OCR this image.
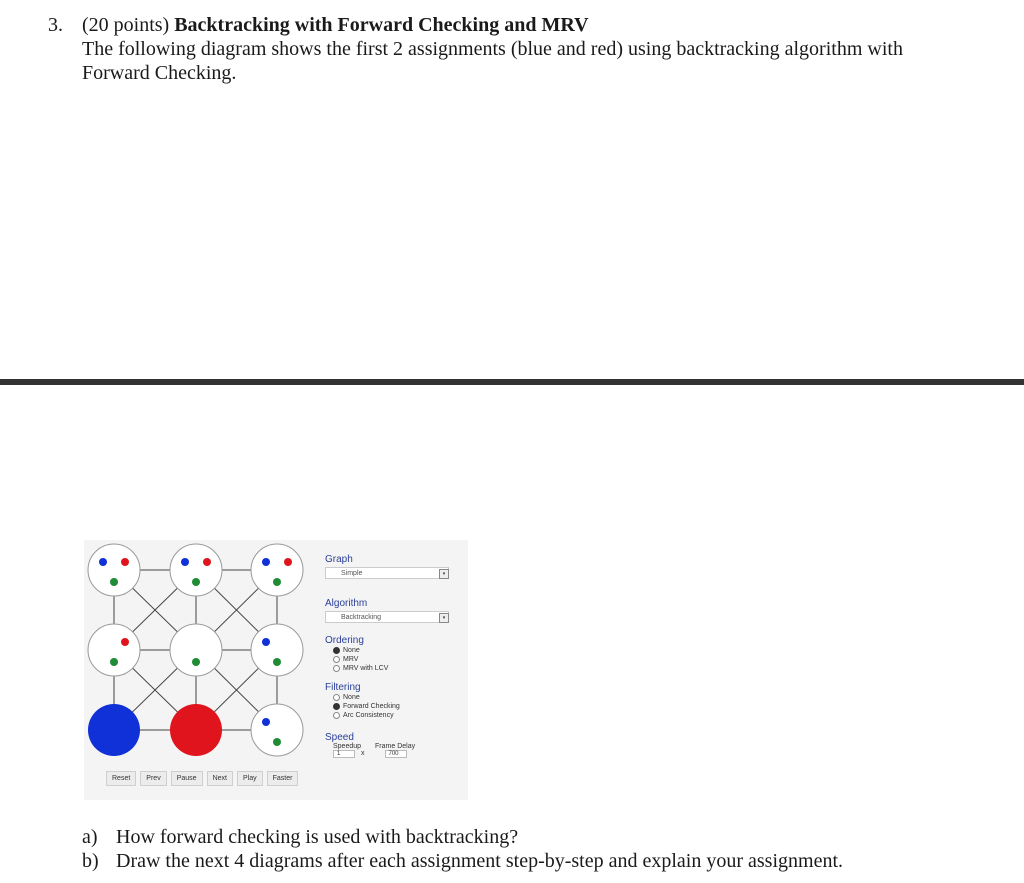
3. (20 points) Backtracking with Forward Checking and MRV
The following diagram shows the first 2 assignments (blue and red) using backtracking algorithm with
Forward Checking.
Reset	Prev	Pause	Next	Play	Faster
Graph
Simple	▾
Algorithm
Backtracking	▾
Ordering
None
MRV
MRV with LCV
Filtering
None
Forward Checking
Arc Consistency
Speed
Speedup Frame Delay
1	x	700
a) How forward checking is used with backtracking?
b) Draw the next 4 diagrams after each assignment step-by-step and explain your assignment.
